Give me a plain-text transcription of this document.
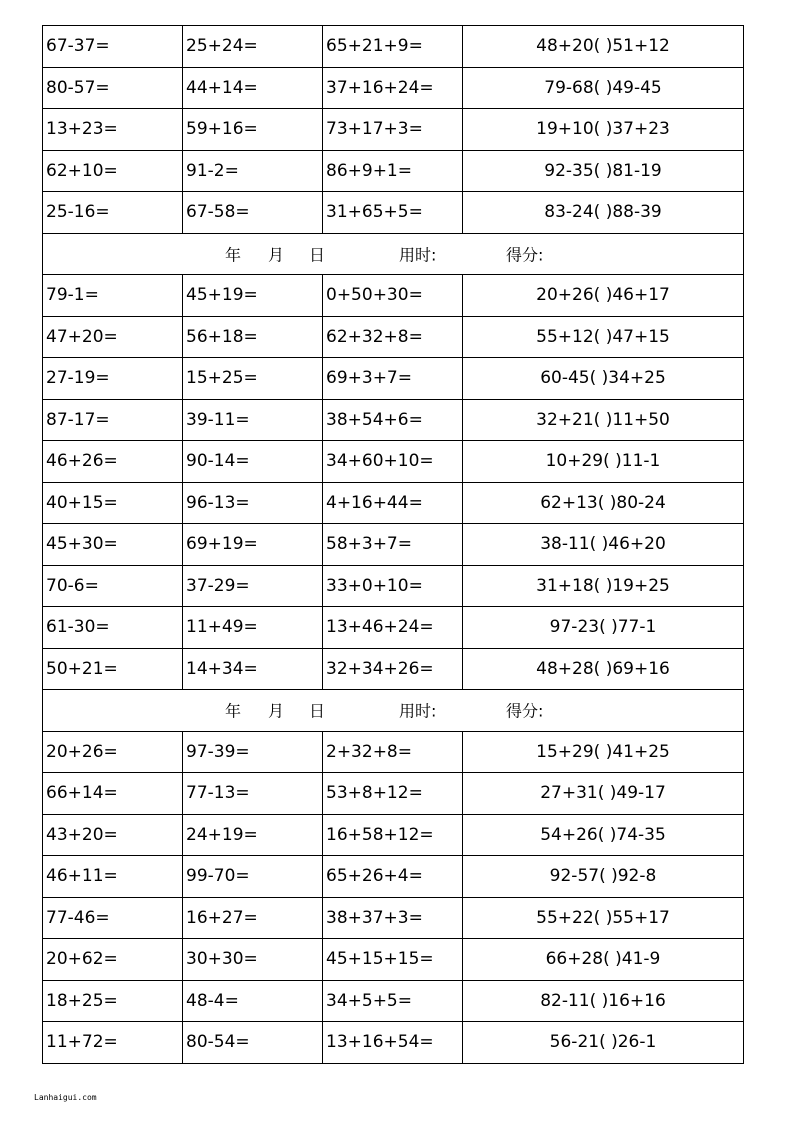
67-37=	25+24=	65+21+9=	48+20( )51+12
80-57=	44+14=	37+16+24=	79-68( )49-45
13+23=	59+16=	73+17+3=	19+10( )37+23
62+10=	91-2=	86+9+1=	92-35( )81-19
25-16=	67-58=	31+65+5=	83-24( )88-39

年 月 日 用时: 得分:			

79-1=	45+19=	0+50+30=	20+26( )46+17
47+20=	56+18=	62+32+8=	55+12( )47+15
27-19=	15+25=	69+3+7=	60-45( )34+25
87-17=	39-11=	38+54+6=	32+21( )11+50
46+26=	90-14=	34+60+10=	10+29( )11-1
40+15=	96-13=	4+16+44=	62+13( )80-24
45+30=	69+19=	58+3+7=	38-11( )46+20
70-6=	37-29=	33+0+10=	31+18( )19+25
61-30=	11+49=	13+46+24=	97-23( )77-1
50+21=	14+34=	32+34+26=	48+28( )69+16

年 月 日 用时: 得分:			

20+26=	97-39=	2+32+8=	15+29( )41+25
66+14=	77-13=	53+8+12=	27+31( )49-17
43+20=	24+19=	16+58+12=	54+26( )74-35
46+11=	99-70=	65+26+4=	92-57( )92-8
77-46=	16+27=	38+37+3=	55+22( )55+17
20+62=	30+30=	45+15+15=	66+28( )41-9
18+25=	48-4=	34+5+5=	82-11( )16+16
11+72=	80-54=	13+16+54=	56-21( )26-1
Lanhaigui.com
